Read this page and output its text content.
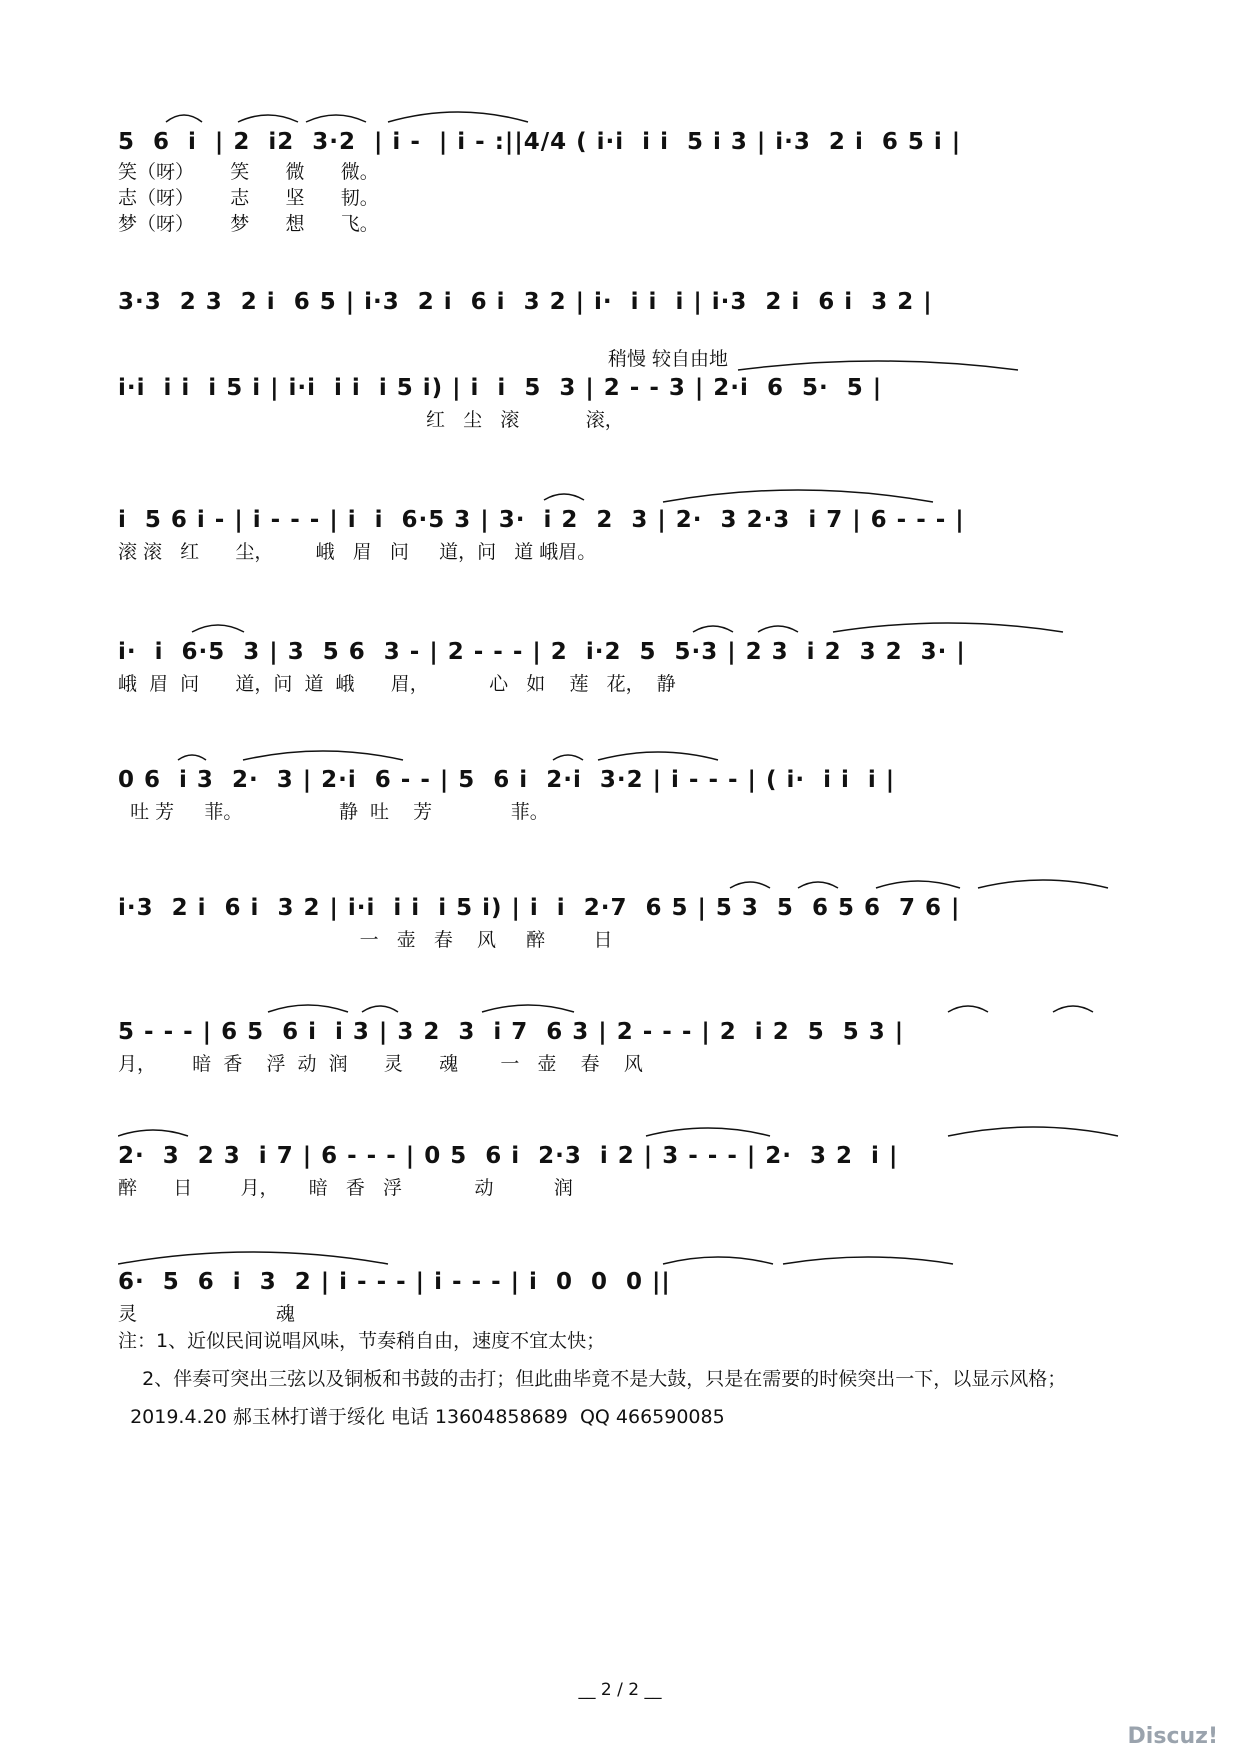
5  6  i  | 2  i2  3·2  | i -  | i - :||4/4 ( i·i  i i  5 i 3 | i·3  2 i  6 5 i |
笑（呀）      笑      微      微。
志（呀）      志      坚      韧。
梦（呀）      梦      想      飞。
3·3  2 3  2 i  6 5 | i·3  2 i  6 i  3 2 | i·  i i  i | i·3  2 i  6 i  3 2 |
稍慢 较自由地
i·i  i i  i 5 i | i·i  i i  i 5 i) | i  i  5  3 | 2 - - 3 | 2·i  6  5·  5 |
红   尘   滚           滚，
i  5 6 i - | i - - - | i  i  6·5 3 | 3·  i 2  2  3 | 2·  3 2·3  i 7 | 6 - - - |
滚 滚   红      尘，       峨   眉   问     道，问   道 峨眉。
i·  i  6·5  3 | 3  5 6  3 - | 2 - - - | 2  i·2  5  5·3 | 2 3  i 2  3 2  3· |
峨  眉  问      道，问  道  峨      眉，          心   如    莲   花，  静
0 6  i 3  2·  3 | 2·i  6 - - | 5  6 i  2·i  3·2 | i - - - | ( i·  i i  i |
吐 芳     菲。                静  吐    芳             菲。
i·3  2 i  6 i  3 2 | i·i  i i  i 5 i) | i  i  2·7  6 5 | 5 3  5  6 5 6  7 6 |
一   壶   春    风     醉        日
5 - - - | 6 5  6 i  i 3 | 3 2  3  i 7  6 3 | 2 - - - | 2  i 2  5  5 3 |
月，      暗  香    浮  动  润      灵      魂       一   壶    春    风
2·  3  2 3  i 7 | 6 - - - | 0 5  6 i  2·3  i 2 | 3 - - - | 2·  3 2  i |
醉      日        月，     暗   香   浮            动          润
6·  5  6  i  3  2 | i - - - | i - - - | i  0  0  0 ||
灵                       魂
注：1、近似民间说唱风味，节奏稍自由，速度不宜太快；
2、伴奏可突出三弦以及铜板和书鼓的击打；但此曲毕竟不是大鼓，只是在需要的时候突出一下，以显示风格；
2019.4.20 郝玉林打谱于绥化 电话 13604858689  QQ 466590085
__ 2 / 2 __
Discuz!
